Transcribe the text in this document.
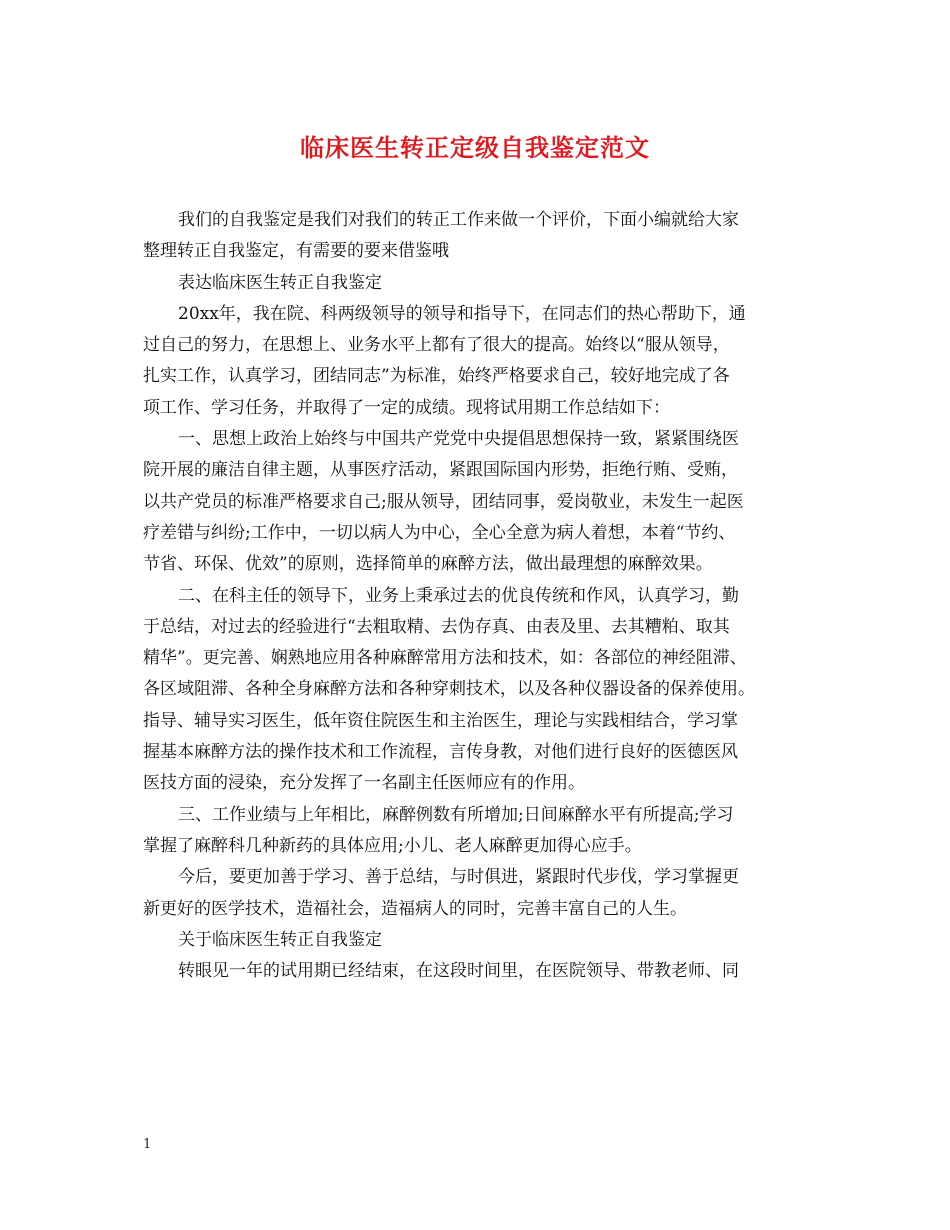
临床医生转正定级自我鉴定范文
我们的自我鉴定是我们对我们的转正工作来做一个评价，下面小编就给大家
整理转正自我鉴定，有需要的要来借鉴哦
表达临床医生转正自我鉴定
20xx年，我在院、科两级领导的领导和指导下，在同志们的热心帮助下，通
过自己的努力，在思想上、业务水平上都有了很大的提高。始终以“服从领导，
扎实工作，认真学习，团结同志”为标准，始终严格要求自己，较好地完成了各
项工作、学习任务，并取得了一定的成绩。现将试用期工作总结如下：
一、思想上政治上始终与中国共产党党中央提倡思想保持一致，紧紧围绕医
院开展的廉洁自律主题，从事医疗活动，紧跟国际国内形势，拒绝行贿、受贿，
以共产党员的标准严格要求自己;服从领导，团结同事，爱岗敬业，未发生一起医
疗差错与纠纷;工作中，一切以病人为中心，全心全意为病人着想，本着“节约、
节省、环保、优效”的原则，选择简单的麻醉方法，做出最理想的麻醉效果。
二、在科主任的领导下，业务上秉承过去的优良传统和作风，认真学习，勤
于总结，对过去的经验进行“去粗取精、去伪存真、由表及里、去其糟粕、取其
精华”。更完善、娴熟地应用各种麻醉常用方法和技术，如：各部位的神经阻滞、
各区域阻滞、各种全身麻醉方法和各种穿刺技术，以及各种仪器设备的保养使用。
指导、辅导实习医生，低年资住院医生和主治医生，理论与实践相结合，学习掌
握基本麻醉方法的操作技术和工作流程，言传身教，对他们进行良好的医德医风
医技方面的浸染，充分发挥了一名副主任医师应有的作用。
三、工作业绩与上年相比，麻醉例数有所增加;日间麻醉水平有所提高;学习
掌握了麻醉科几种新药的具体应用;小儿、老人麻醉更加得心应手。
今后，要更加善于学习、善于总结，与时俱进，紧跟时代步伐，学习掌握更
新更好的医学技术，造福社会，造福病人的同时，完善丰富自己的人生。
关于临床医生转正自我鉴定
转眼见一年的试用期已经结束，在这段时间里，在医院领导、带教老师、同
1
